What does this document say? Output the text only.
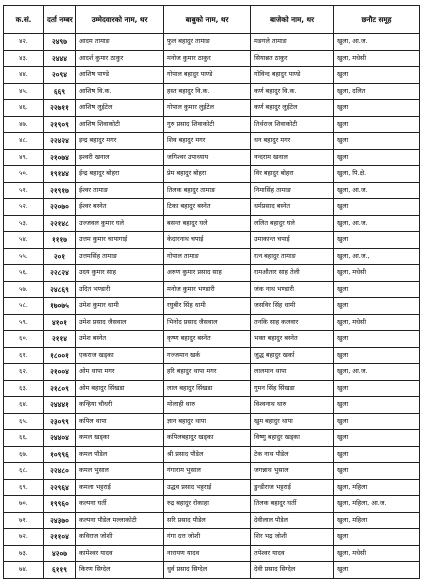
क.सं.	दर्ता नम्बर	उम्मेदवारको नाम, थर	बाबुको नाम, थर	बाजेको नाम, थर	छनौट समूह
४२.	२४९७	आदम तामाङ	फुल बहादुर तामाङ	मङगले तामाङ	खुला, आ.ज.
४३.	२४४४	आदर्श कुमार ठाकुर	मनोज कुमार ठाकुर	सियाब्रत ठाकुर	खुला, मधेसी
४४.	२०९४	आशिष पाण्डे	गोपाल बहादुर पाण्डे	गोविन्द बहादुर पाण्डे	खुला
४५.	६६९	आशिष वि.क.	हस्त बहादुर वि.क.	कर्ण बहादुर वि.क.	खुला, दलित
४६.	२२७११	आशिष लुईटेल	गोपाल कुमार लुईटेल	कर्ण बहादुर लुईटेल	खुला
४७.	२१९०९	आशिष शिवाकोटी	गुरु प्रसाद शिवाकोटी	तिर्थराज शिवाकोटी	खुला
४८.	२२४२४	इन्द्र बहादुर मगर	शिव बहादुर मगर	धन बहादुर मगर	खुला
४९.	२१०७४	इश्वरी खनाल	जगिश्वर उपाध्याय	नन्दराम खनाल	खुला
५०.	१९१४४	ईन्द्र बहादुर बोहरा	प्रेम बहादुर बोहरा	विर बहादुर बोहरा	खुला, पि.क्षे.
५१.	२१९१७	ईश्वर तामाङ	तिलक बहादुर तामाङ	निमासिंह तामाङ	खुला, आ.ज.
५२.	२२०७०	ईश्वर बस्नेत	टिका बहादुर बस्नेत	धर्मप्रसाद बस्नेत	खुला
५३.	२२१४८	उज्जवल कुमार घले	बसन्त बहादुर घले	ललित बहादुर घले	खुला, आ.ज.
५४.	१११७	उत्तम कुमार चापागाई	केदारनाथ चपाई	उमाकान्त चपाई	खुला
५५.	२०१	उत्तमसिंह तामाङ	गोपाल तामाङ	रत्न बहादुर तामाङ	खुला, आ.ज.,
५६.	२२८२४	उदय कुमार साह	अरुण कुमार प्रसाद साह	रामऔतार साह तेली	खुला, मधेसी
५७.	२४८६९	उदित भण्डारी	मनोज कुमार भण्डारी	जंक नाथ भण्डारी	खुला
५८.	१७०७५	उमेश कुमार धामी	रघुबीर सिंह धामी	जसविर सिंह धामी	खुला
५९.	४१०१	उमेश प्रसाद जैसवाल	भिनोद प्रसाद जैसवाल	तनकि साह कलवार	खुला, मधेसी
६०.	२११४	उमेश बस्नेत	कृष्ण बहादुर बस्नेत	भक्त बहादुर बस्नेत	खुला
६१.	१८००१	एकराज खड्का	गज्जमान खर्क	जुद्ध बहादुर खर्का	खुला
६२.	२१००४	ओम थापा मगर	हरि बहादुर थापा मगर	लालमान थापा	खुला, आ.ज.
६३.	२१८०९	ओम बहादुर सिंखडा	लाल बहादुर सिंखडा	गुमन सिंह सिंखडा	खुला
६४.	२४४४१	कन्हिया चौधरी	मोलाही थारु	विश्वनाथ थारु	खुला
६५.	२३०९९	कपिल थापा	ज्ञान बहादुर थापा	खुम बहादुर थापा	खुला
६६.	२४४०४	कमल खड्का	कपिलबहादुर खड्का	विष्णु बहादुर खड्का	खुला
६७.	१०९९६	कमल पौडेल	श्री प्रसाद पौडेल	टेक नाथ पौडेल	खुला
६८.	२२४८०	कमल भुसाल	गंगाराम भुसाल	जगन्नाथ भुसाल	खुला
६९.	२२९६४	कमला भट्टराई	उद्धव प्रसाद भट्टराई	डुन्डीराज भट्टराई	खुला, महिला
७०.	१९९६०	कल्पना घर्ती	रुद्र बहादुर रोकाहा	तिलक बहादुर घर्ती	खुला, महिला, आ.ज.
७१.	२४३७०	कल्पना पौडेल मल्लाकोटी	सरि प्रसाद पौडेल	देवीलाल पौडेल	खुला, महिला
७२.	२११०४	कविराज जोशी	गंगा दत्त जोशी	शिर भद्र जोशी	खुला
७३.	४२०७	कामेश्वर यादव	नारायण यादव	तपेश्वर यादव	खुला, मधेसी
७४.	६११९	किरण सिग्देल	धुर्व प्रसाद सिग्देल	देवी प्रसाद सिग्देल	खुला
